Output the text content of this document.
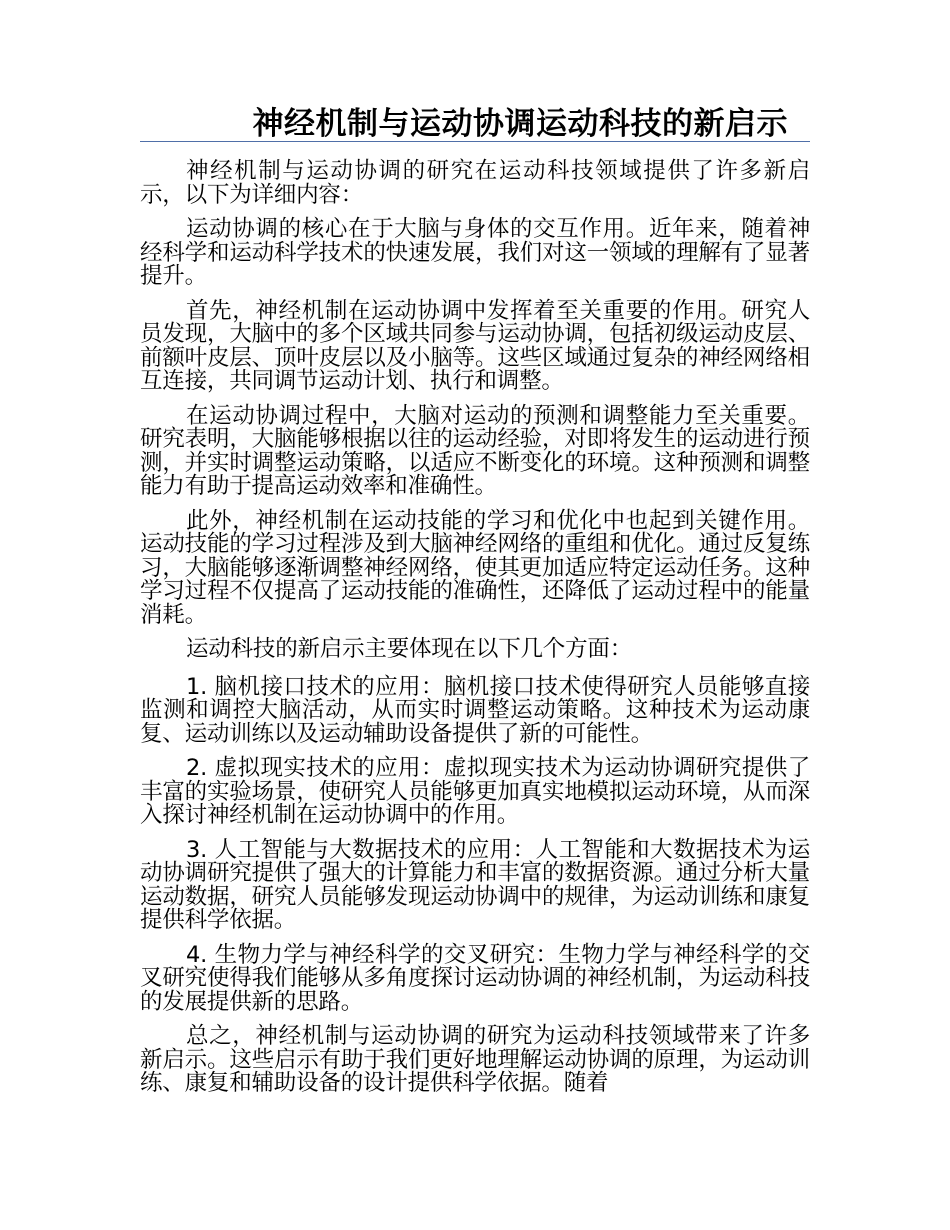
神经机制与运动协调运动科技的新启示

神经机制与运动协调的研究在运动科技领域提供了许多新启示，以下为详细内容：

运动协调的核心在于大脑与身体的交互作用。近年来，随着神经科学和运动科学技术的快速发展，我们对这一领域的理解有了显著提升。

首先，神经机制在运动协调中发挥着至关重要的作用。研究人员发现，大脑中的多个区域共同参与运动协调，包括初级运动皮层、前额叶皮层、顶叶皮层以及小脑等。这些区域通过复杂的神经网络相互连接，共同调节运动计划、执行和调整。

在运动协调过程中，大脑对运动的预测和调整能力至关重要。研究表明，大脑能够根据以往的运动经验，对即将发生的运动进行预测，并实时调整运动策略，以适应不断变化的环境。这种预测和调整能力有助于提高运动效率和准确性。

此外，神经机制在运动技能的学习和优化中也起到关键作用。运动技能的学习过程涉及到大脑神经网络的重组和优化。通过反复练习，大脑能够逐渐调整神经网络，使其更加适应特定运动任务。这种学习过程不仅提高了运动技能的准确性，还降低了运动过程中的能量消耗。

运动科技的新启示主要体现在以下几个方面：

1. 脑机接口技术的应用：脑机接口技术使得研究人员能够直接监测和调控大脑活动，从而实时调整运动策略。这种技术为运动康复、运动训练以及运动辅助设备提供了新的可能性。

2. 虚拟现实技术的应用：虚拟现实技术为运动协调研究提供了丰富的实验场景，使研究人员能够更加真实地模拟运动环境，从而深入探讨神经机制在运动协调中的作用。

3. 人工智能与大数据技术的应用：人工智能和大数据技术为运动协调研究提供了强大的计算能力和丰富的数据资源。通过分析大量运动数据，研究人员能够发现运动协调中的规律，为运动训练和康复提供科学依据。

4. 生物力学与神经科学的交叉研究：生物力学与神经科学的交叉研究使得我们能够从多角度探讨运动协调的神经机制，为运动科技的发展提供新的思路。

总之，神经机制与运动协调的研究为运动科技领域带来了许多新启示。这些启示有助于我们更好地理解运动协调的原理，为运动训练、康复和辅助设备的设计提供科学依据。随着
